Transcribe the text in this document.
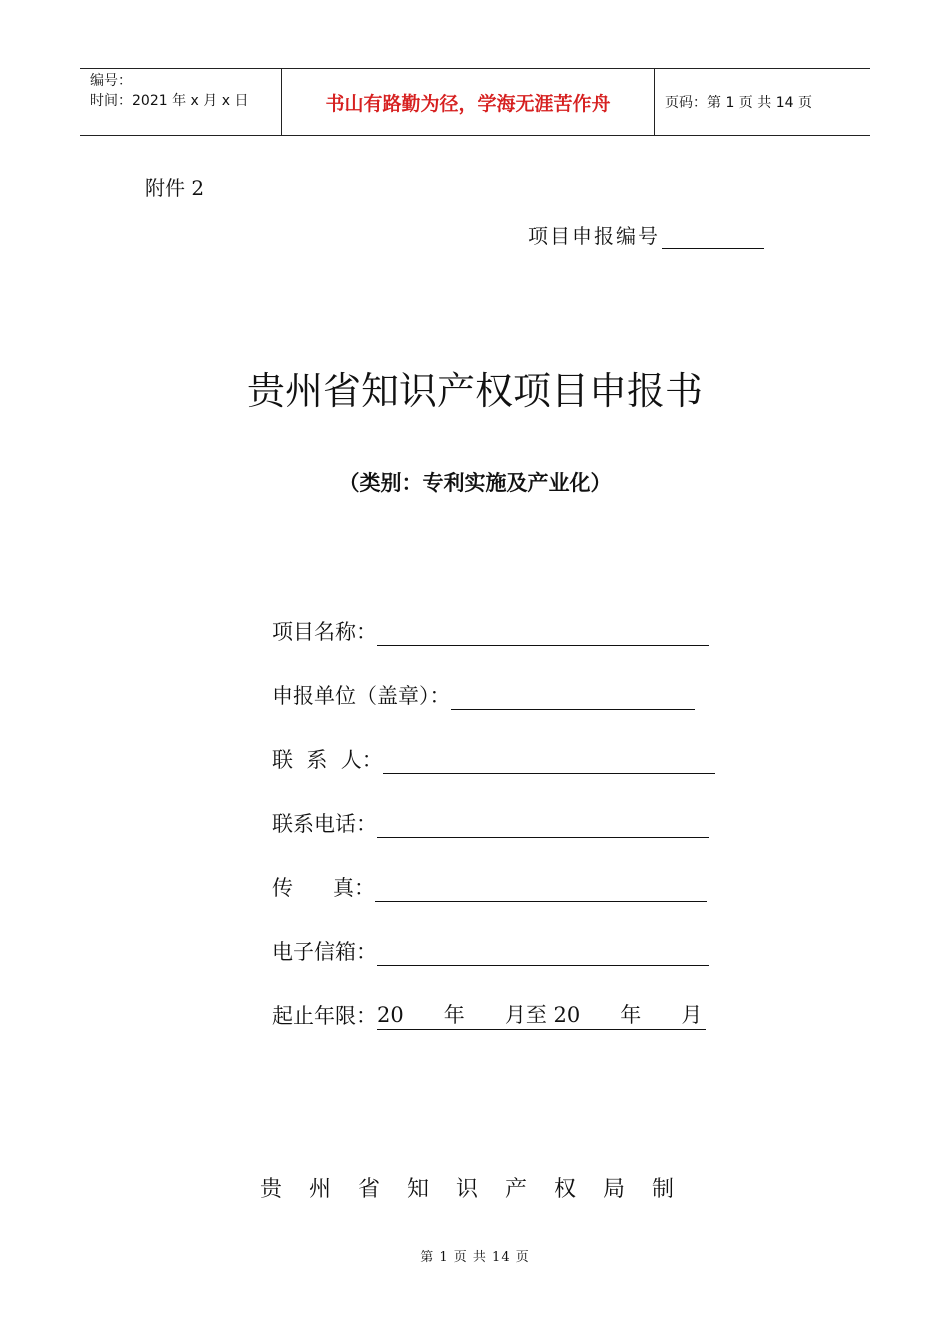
编号：
时间：2021 年 x 月 x 日	书山有路勤为径，学海无涯苦作舟	页码：第 1 页 共 14 页
附件 2
项目申报编号
贵州省知识产权项目申报书
（类别：专利实施及产业化）
项目名称：
申报单位（盖章）：
联  系  人：
联系电话：
传      真：
电子信箱：
起止年限： 20      年      月至 20      年      月
贵州省知识产权局制
第 1 页 共 14 页
